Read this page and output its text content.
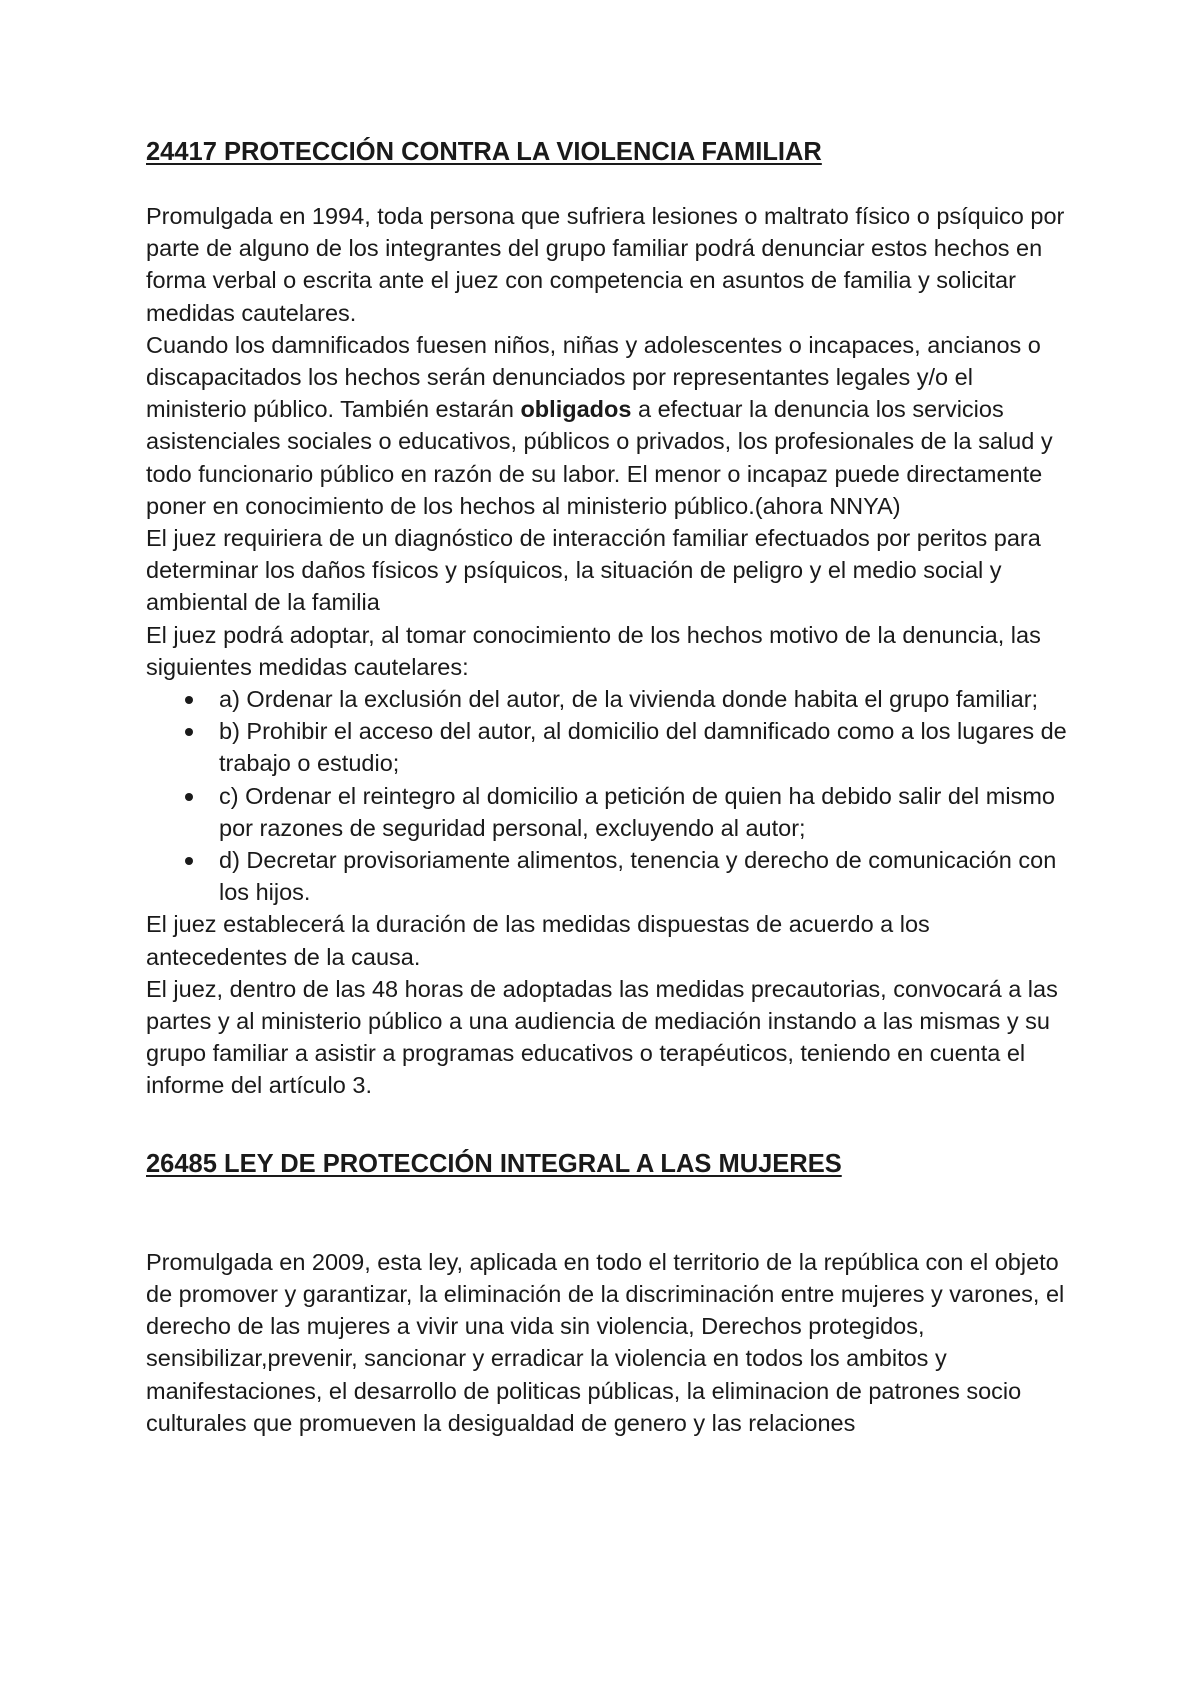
24417 PROTECCIÓN CONTRA LA VIOLENCIA FAMILIAR

Promulgada en 1994, toda persona que sufriera lesiones o maltrato físico o psíquico por parte de alguno de los integrantes del grupo familiar podrá denunciar estos hechos en forma verbal o escrita ante el juez con competencia en asuntos de familia y solicitar medidas cautelares.

Cuando los damnificados fuesen niños, niñas y adolescentes o incapaces, ancianos o discapacitados los hechos serán denunciados por representantes legales y/o el ministerio público. También estarán obligados a efectuar la denuncia los servicios asistenciales sociales o educativos, públicos o privados, los profesionales de la salud y todo funcionario público en razón de su labor. El menor o incapaz puede directamente poner en conocimiento de los hechos al ministerio público.(ahora NNYA)

El juez requiriera de un diagnóstico de interacción familiar efectuados por peritos para determinar los daños físicos y psíquicos, la situación de peligro y el medio social y ambiental de la familia

El juez podrá adoptar, al tomar conocimiento de los hechos motivo de la denuncia, las siguientes medidas cautelares:

a) Ordenar la exclusión del autor, de la vivienda donde habita el grupo familiar;
b) Prohibir el acceso del autor, al domicilio del damnificado como a los lugares de trabajo o estudio;
c) Ordenar el reintegro al domicilio a petición de quien ha debido salir del mismo por razones de seguridad personal, excluyendo al autor;
d) Decretar provisoriamente alimentos, tenencia y derecho de comunicación con los hijos.

El juez establecerá la duración de las medidas dispuestas de acuerdo a los antecedentes de la causa.

El juez, dentro de las 48 horas de adoptadas las medidas precautorias, convocará a las partes y al ministerio público a una audiencia de mediación instando a las mismas y su grupo familiar a asistir a programas educativos o terapéuticos, teniendo en cuenta el informe del artículo 3.

26485 LEY DE PROTECCIÓN INTEGRAL A LAS MUJERES

Promulgada en 2009, esta ley, aplicada en todo el territorio de la república con el objeto de promover y garantizar, la eliminación de la discriminación entre mujeres y varones, el derecho de las mujeres a vivir una vida sin violencia, Derechos protegidos, sensibilizar,prevenir, sancionar y erradicar la violencia en todos los ambitos y manifestaciones, el desarrollo de politicas públicas, la eliminacion de patrones socio culturales que promueven la desigualdad de genero y las relaciones
